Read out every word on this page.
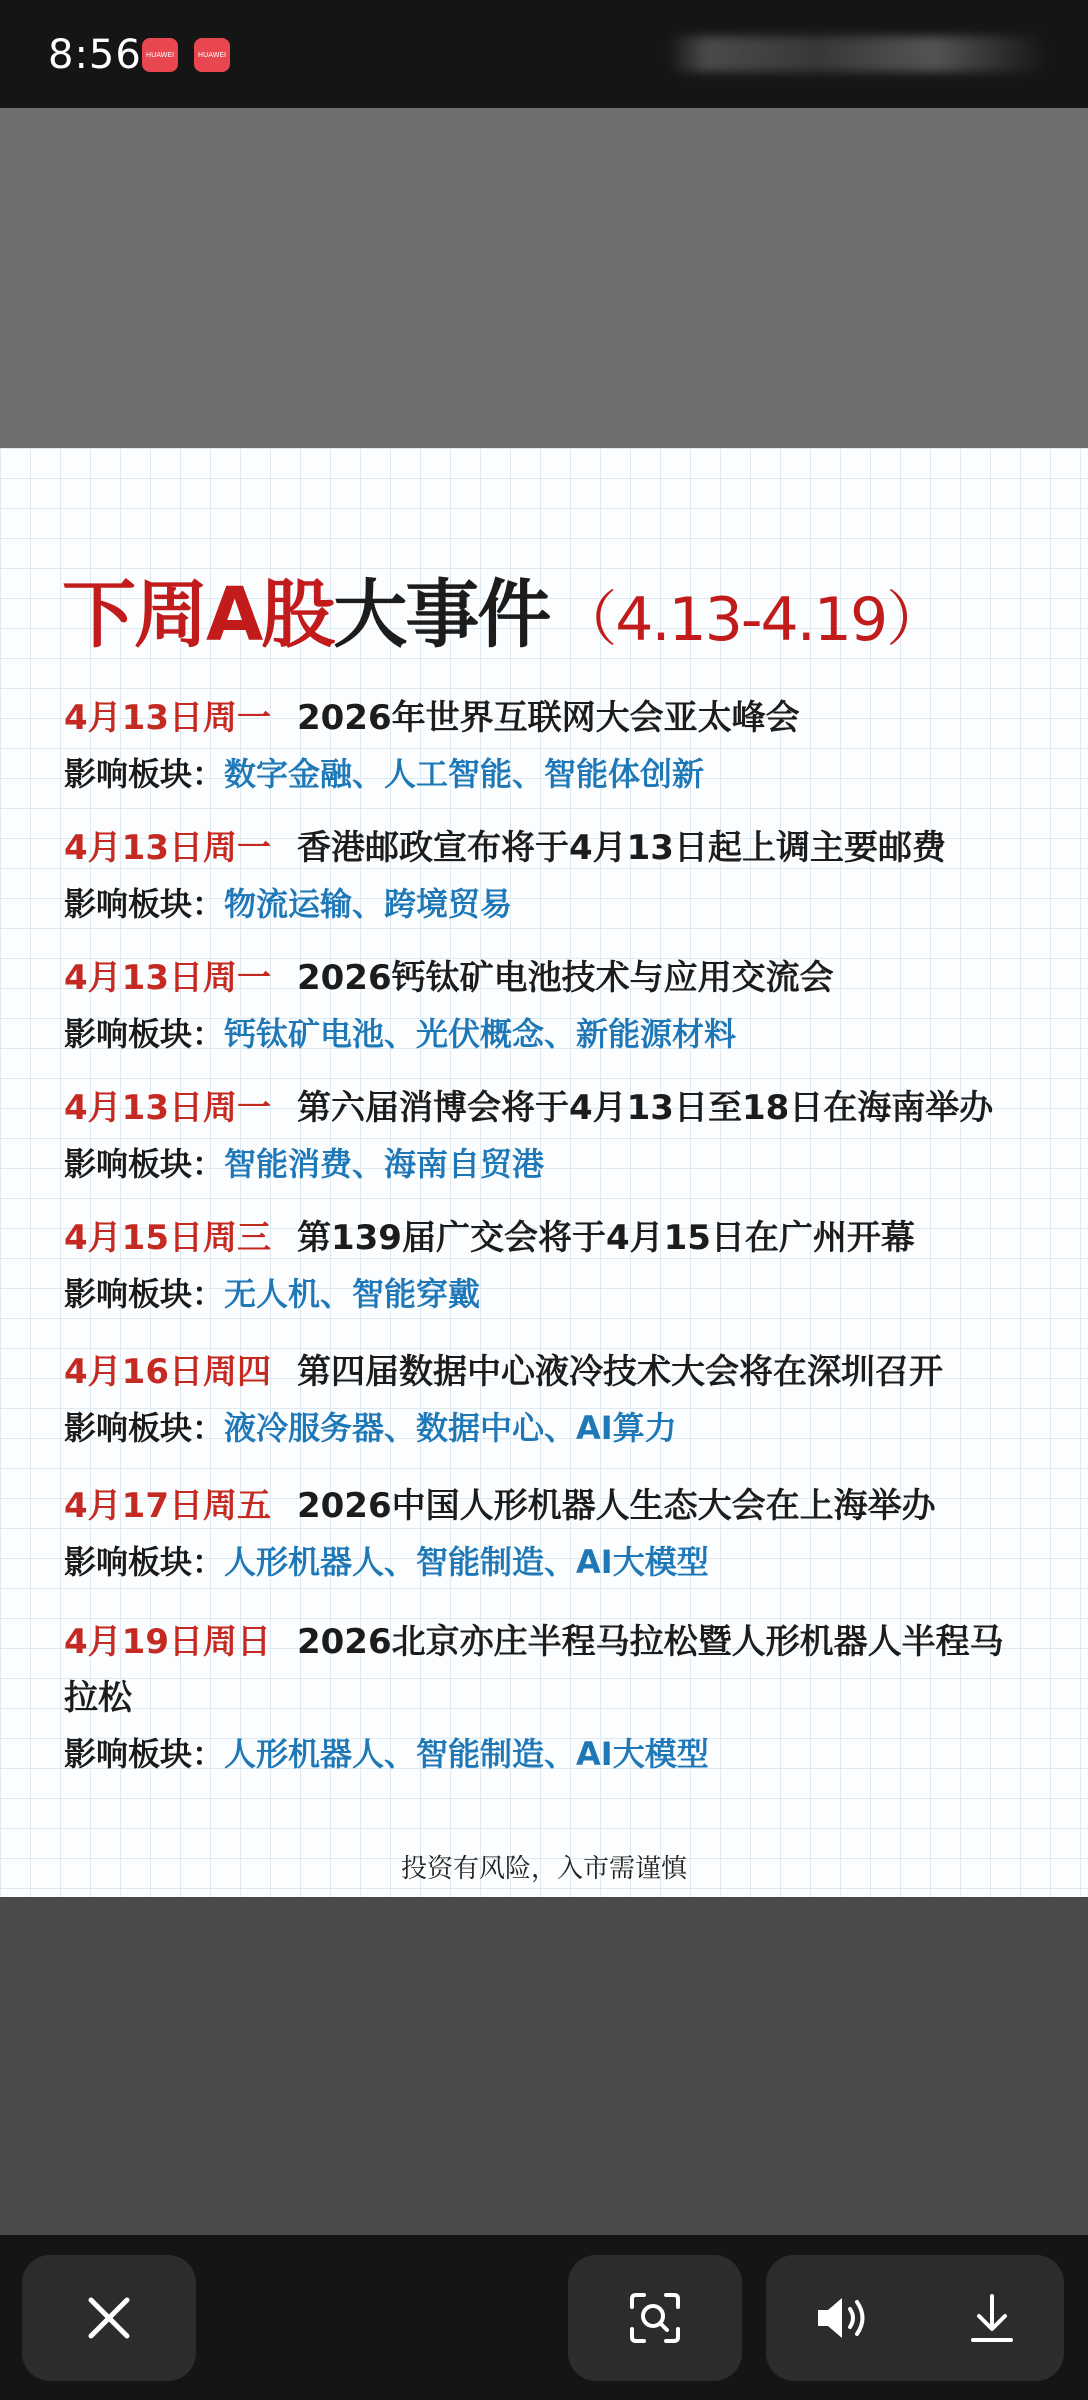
8:56 HUAWEI	HUAWEI
下周A股大事件 （4.13-4.19）
4月13日周一 2026年世界互联网大会亚太峰会
影响板块：数字金融、人工智能、智能体创新
4月13日周一 香港邮政宣布将于4月13日起上调主要邮费
影响板块：物流运输、跨境贸易
4月13日周一 2026钙钛矿电池技术与应用交流会
影响板块：钙钛矿电池、光伏概念、新能源材料
4月13日周一 第六届消博会将于4月13日至18日在海南举办
影响板块：智能消费、海南自贸港
4月15日周三 第139届广交会将于4月15日在广州开幕
影响板块：无人机、智能穿戴
4月16日周四 第四届数据中心液冷技术大会将在深圳召开
影响板块：液冷服务器、数据中心、AI算力
4月17日周五 2026中国人形机器人生态大会在上海举办
影响板块：人形机器人、智能制造、AI大模型
4月19日周日 2026北京亦庄半程马拉松暨人形机器人半程马拉松
影响板块：人形机器人、智能制造、AI大模型
投资有风险，入市需谨慎
